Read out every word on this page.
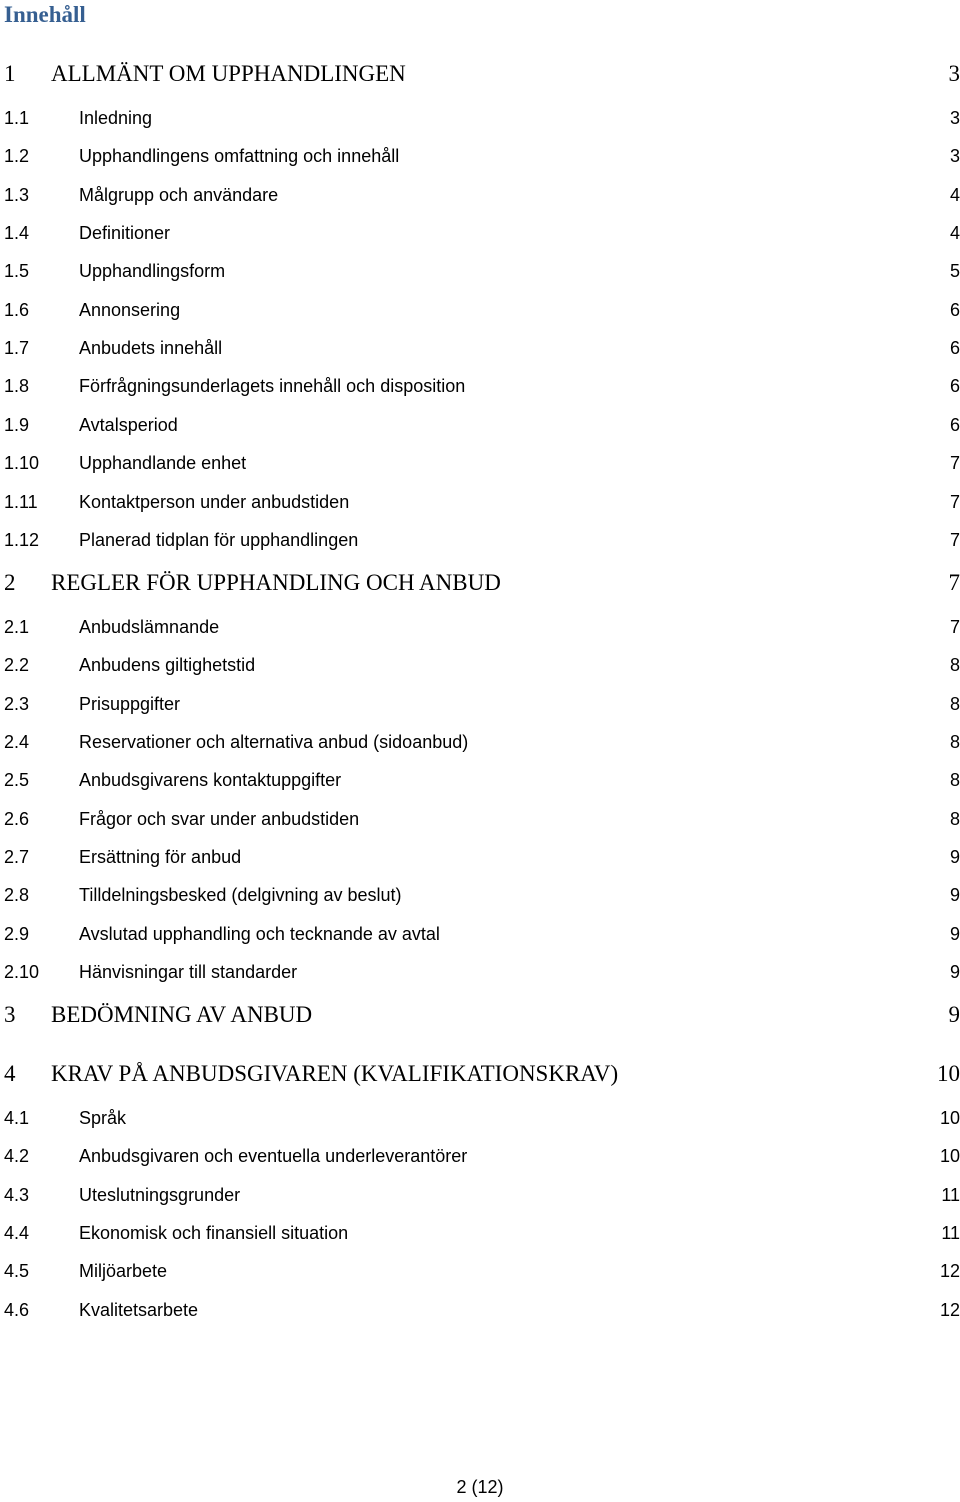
Innehåll
1 ALLMÄNT OM UPPHANDLINGEN	3
1.1	Inledning	3
1.2	Upphandlingens omfattning och innehåll	3
1.3	Målgrupp och användare	4
1.4	Definitioner	4
1.5	Upphandlingsform	5
1.6	Annonsering	6
1.7	Anbudets innehåll	6
1.8	Förfrågningsunderlagets innehåll och disposition	6
1.9	Avtalsperiod	6
1.10 Upphandlande enhet	7
1.11 Kontaktperson under anbudstiden	7
1.12 Planerad tidplan för upphandlingen	7
2 REGLER FÖR UPPHANDLING OCH ANBUD	7
2.1	Anbudslämnande	7
2.2	Anbudens giltighetstid	8
2.3	Prisuppgifter	8
2.4	Reservationer och alternativa anbud (sidoanbud)	8
2.5	Anbudsgivarens kontaktuppgifter	8
2.6	Frågor och svar under anbudstiden	8
2.7	Ersättning för anbud	9
2.8	Tilldelningsbesked (delgivning av beslut)	9
2.9	Avslutad upphandling och tecknande av avtal	9
2.10 Hänvisningar till standarder	9
3 BEDÖMNING AV ANBUD	9
4 KRAV PÅ ANBUDSGIVAREN (KVALIFIKATIONSKRAV)	10
4.1	Språk	10
4.2	Anbudsgivaren och eventuella underleverantörer	10
4.3	Uteslutningsgrunder	11
4.4	Ekonomisk och finansiell situation	11
4.5	Miljöarbete	12
4.6	Kvalitetsarbete	12
2 (12)
